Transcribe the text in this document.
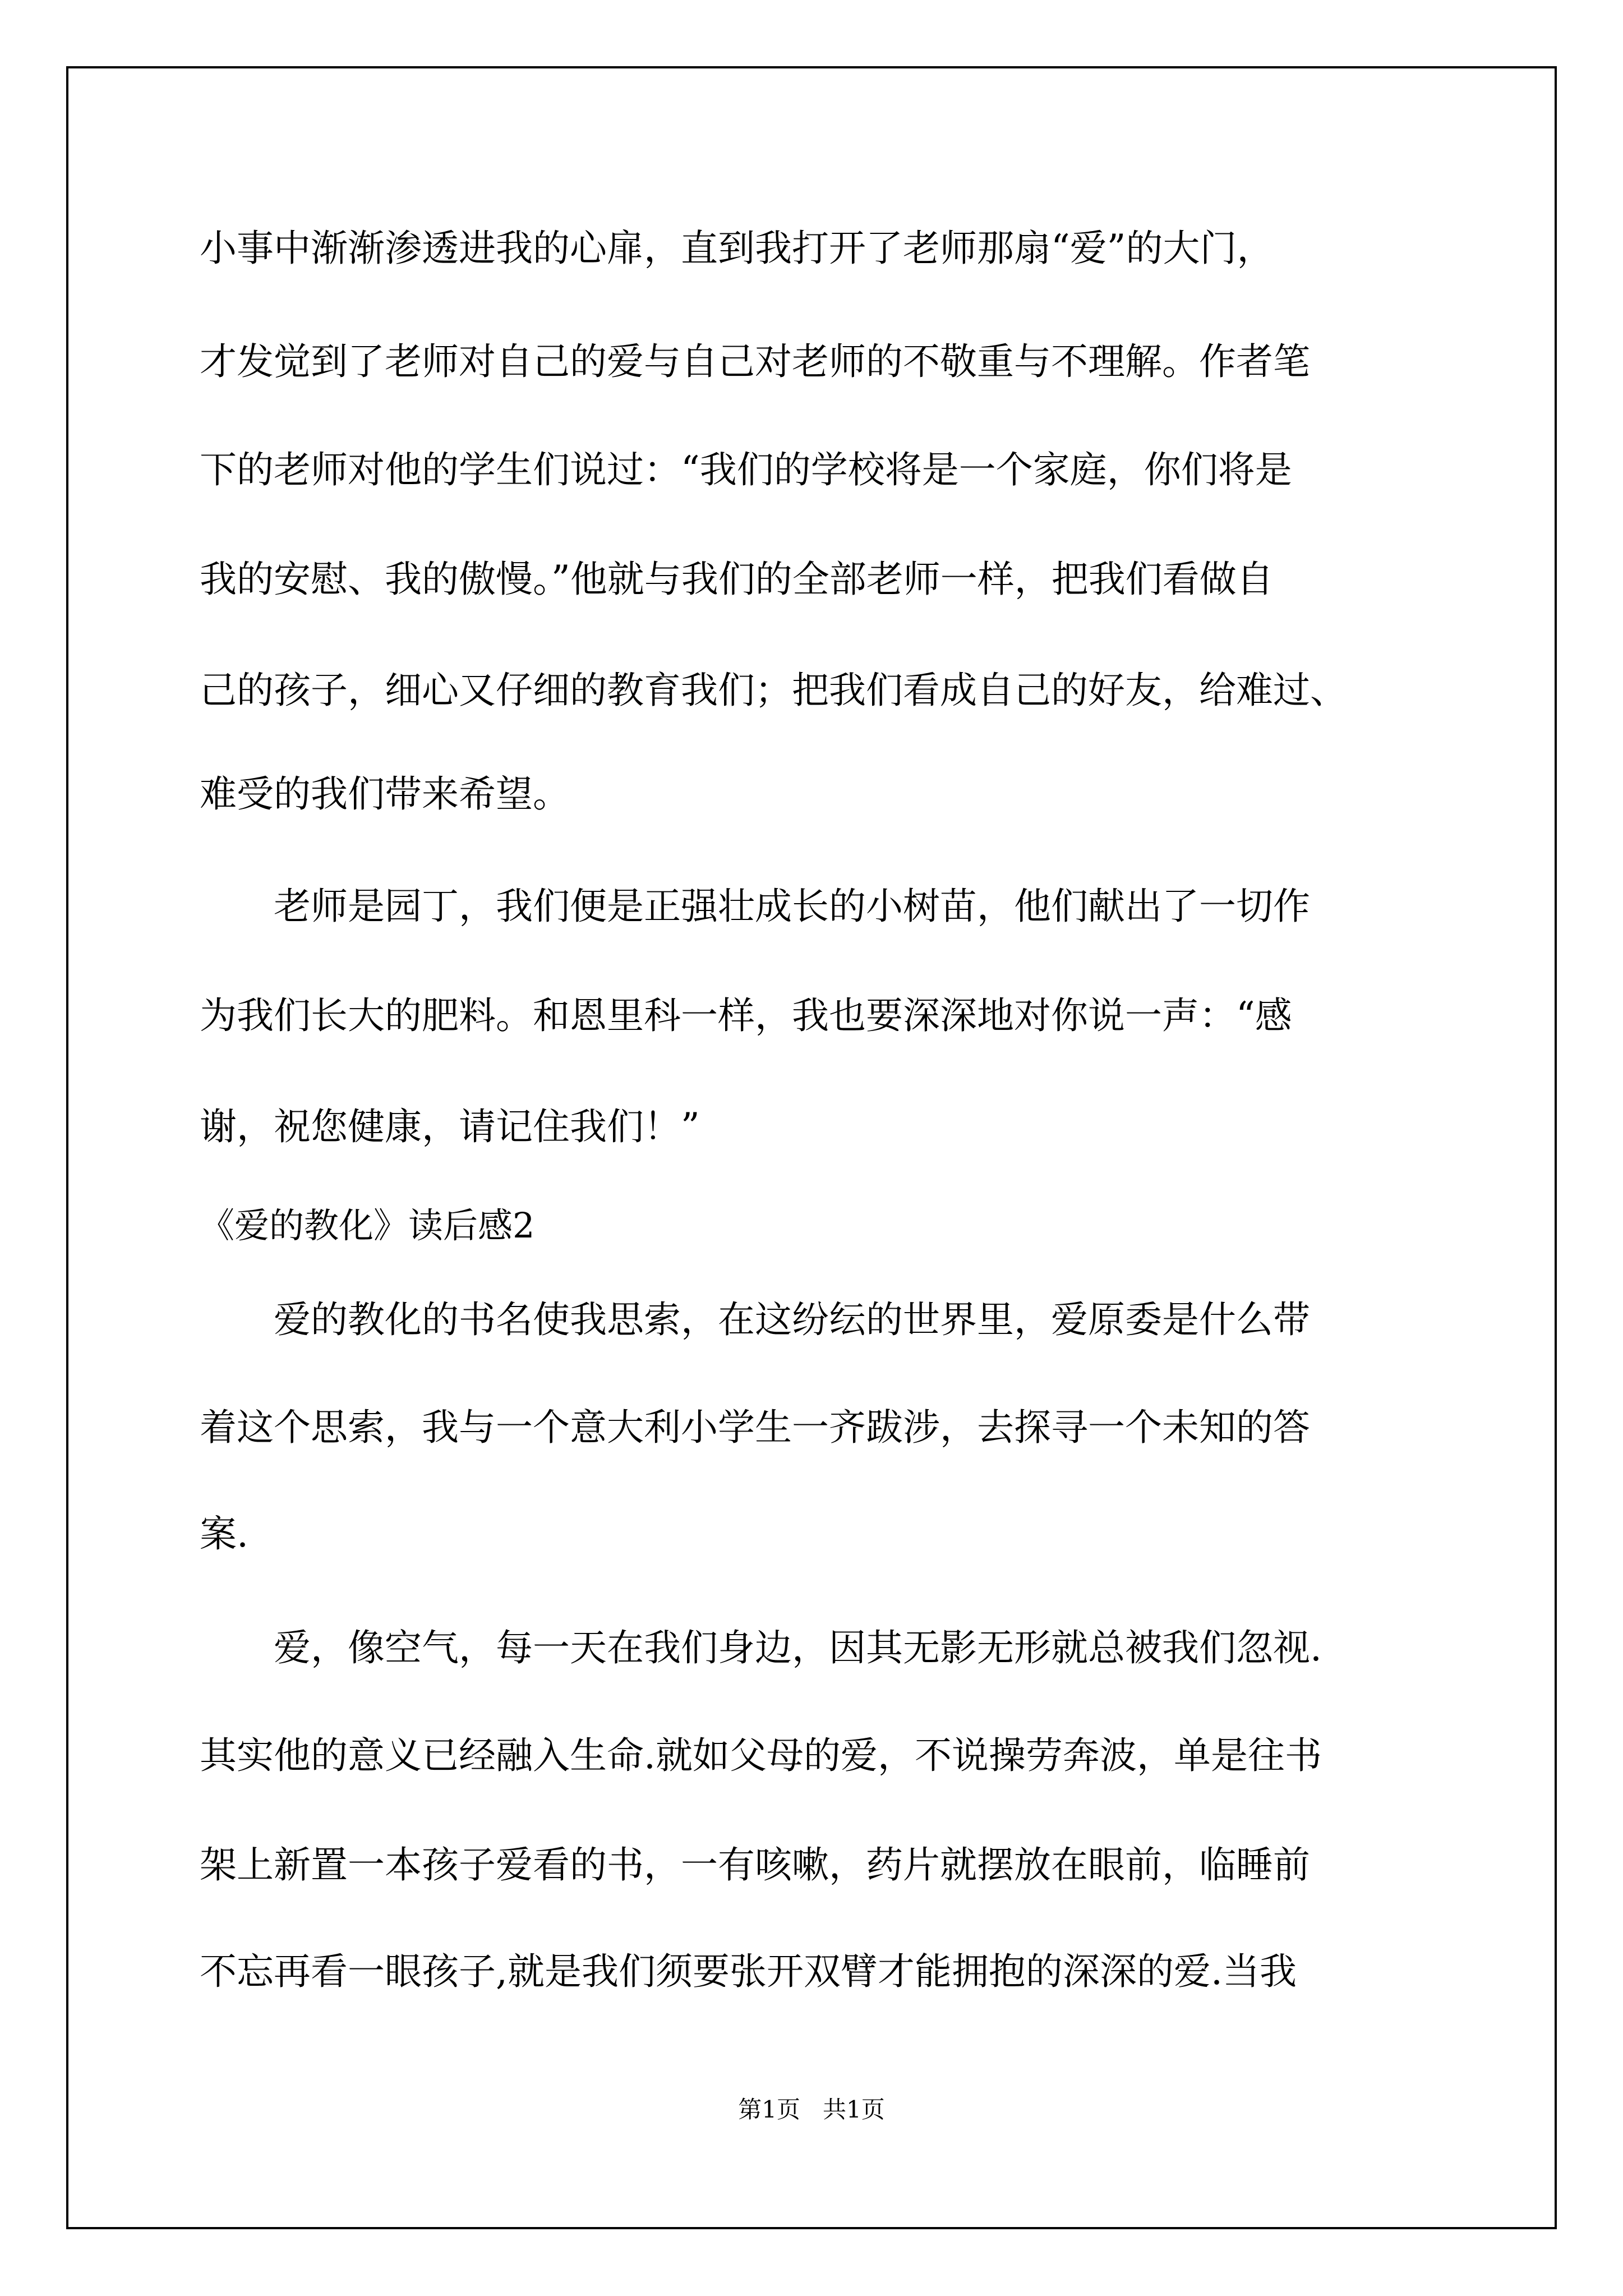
小事中渐渐渗透进我的心扉，直到我打开了老师那扇“爱”的大门，
才发觉到了老师对自己的爱与自己对老师的不敬重与不理解。作者笔
下的老师对他的学生们说过：“我们的学校将是一个家庭，你们将是
我的安慰、我的傲慢。”他就与我们的全部老师一样，把我们看做自
己的孩子，细心又仔细的教育我们；把我们看成自己的好友，给难过、
难受的我们带来希望。
　　老师是园丁，我们便是正强壮成长的小树苗，他们献出了一切作
为我们长大的肥料。和恩里科一样，我也要深深地对你说一声：“感
谢，祝您健康，请记住我们！”
《爱的教化》读后感2
　　爱的教化的书名使我思索，在这纷纭的世界里，爱原委是什么带
着这个思索，我与一个意大利小学生一齐跋涉，去探寻一个未知的答
案.
　　爱，像空气，每一天在我们身边，因其无影无形就总被我们忽视.
其实他的意义已经融入生命.就如父母的爱，不说操劳奔波，单是往书
架上新置一本孩子爱看的书，一有咳嗽，药片就摆放在眼前，临睡前
不忘再看一眼孩子,就是我们须要张开双臂才能拥抱的深深的爱.当我
第1页   共1页
